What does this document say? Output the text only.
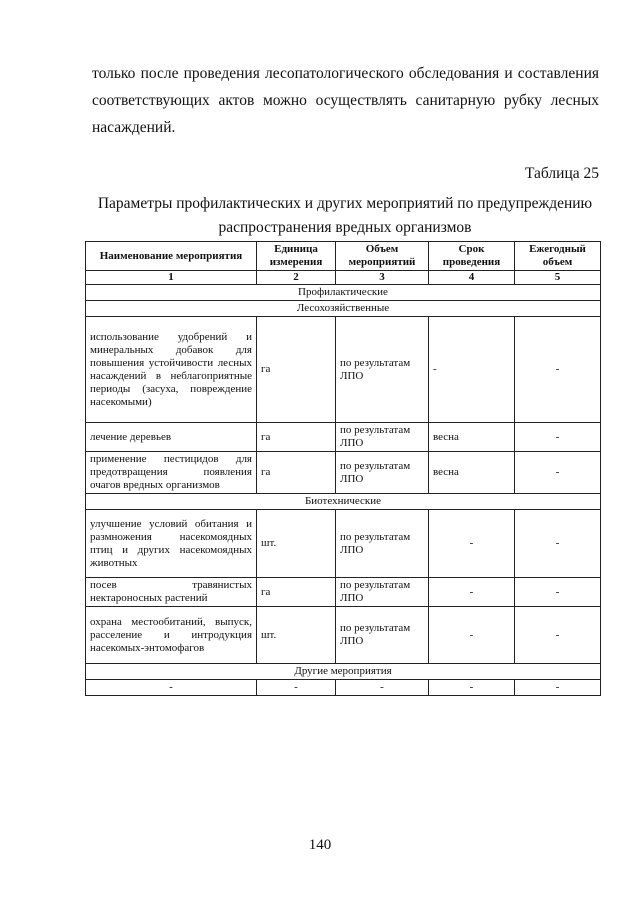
только после проведения лесопатологического обследования и составления
соответствующих актов можно осуществлять санитарную рубку лесных
насаждений.
Таблица 25
Параметры профилактических и других мероприятий по предупреждению
распространения вредных организмов
Наименование мероприятия	Единица измерения	Объем мероприятий	Срок проведения	Ежегодный объем
1	2	3	4	5
Профилактические				
Лесохозяйственные				
использование удобрений и минеральных добавок для повышения устойчивости лесных насаждений в неблагоприятные периоды (засуха, повреждение насекомыми)	га	по результатам ЛПО	-	-
лечение деревьев	га	по результатам ЛПО	весна	-
применение пестицидов для предотвращения появления очагов вредных организмов	га	по результатам ЛПО	весна	-
Биотехнические				
улучшение условий обитания и размножения насекомоядных птиц и других насекомоядных животных	шт.	по результатам ЛПО	-	-
посев травянистых нектароносных растений	га	по результатам ЛПО	-	-
охрана местообитаний, выпуск, расселение и интродукция насекомых-энтомофагов	шт.	по результатам ЛПО	-	-
Другие мероприятия				
-	-	-	-	-
140
